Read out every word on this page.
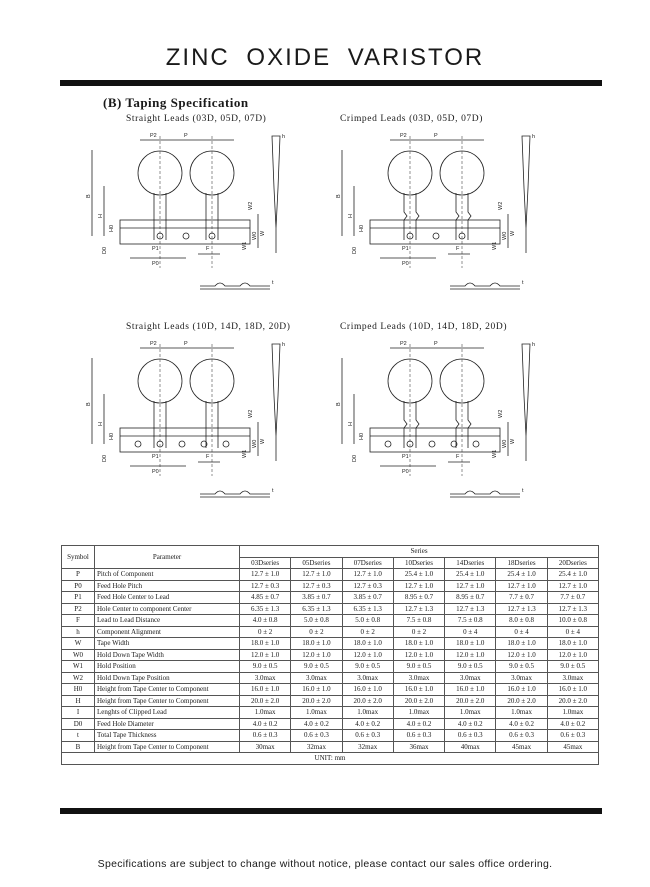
ZINC OXIDE VARISTOR
(B) Taping Specification
Straight Leads (03D, 05D, 07D)	Crimped Leads (03D, 05D, 07D)
Straight Leads (10D, 14D, 18D, 20D)	Crimped Leads (10D, 14D, 18D, 20D)
P2	P	h
B
H
H0
W2
W0
W1
W
P1
P0
D0	F
t
P2	P	h
B
H
H0
W2
W0
W1
W
P1
P0
D0	F
t
P2	P	h
B
H
H0
W2
W0
W1
W
P1
P0
D0	F
t
P2	P	h
B
H
H0
W2
W0
W1
W
P1
P0
D0	F
t
Symbol	Parameter	Series						
		03Dseries	05Dseries	07Dseries	10Dseries	14Dseries	18Dseries	20Dseries
P	Pitch of Component	12.7 ± 1.0	12.7 ± 1.0	12.7 ± 1.0	25.4 ± 1.0	25.4 ± 1.0	25.4 ± 1.0	25.4 ± 1.0
P0	Feed Hole Pitch	12.7 ± 0.3	12.7 ± 0.3	12.7 ± 0.3	12.7 ± 1.0	12.7 ± 1.0	12.7 ± 1.0	12.7 ± 1.0
P1	Feed Hole Center to Lead	4.85 ± 0.7	3.85 ± 0.7	3.85 ± 0.7	8.95 ± 0.7	8.95 ± 0.7	7.7 ± 0.7	7.7 ± 0.7
P2	Hole Center to component Center	6.35 ± 1.3	6.35 ± 1.3	6.35 ± 1.3	12.7 ± 1.3	12.7 ± 1.3	12.7 ± 1.3	12.7 ± 1.3
F	Lead to Lead Distance	4.0 ± 0.8	5.0 ± 0.8	5.0 ± 0.8	7.5 ± 0.8	7.5 ± 0.8	8.0 ± 0.8	10.0 ± 0.8
h	Component Alignment	0 ± 2	0 ± 2	0 ± 2	0 ± 2	0 ± 4	0 ± 4	0 ± 4
W	Tape Width	18.0 ± 1.0	18.0 ± 1.0	18.0 ± 1.0	18.0 ± 1.0	18.0 ± 1.0	18.0 ± 1.0	18.0 ± 1.0
W0	Hold Down Tape Width	12.0 ± 1.0	12.0 ± 1.0	12.0 ± 1.0	12.0 ± 1.0	12.0 ± 1.0	12.0 ± 1.0	12.0 ± 1.0
W1	Hold Position	9.0 ± 0.5	9.0 ± 0.5	9.0 ± 0.5	9.0 ± 0.5	9.0 ± 0.5	9.0 ± 0.5	9.0 ± 0.5
W2	Hold Down Tape Position	3.0max	3.0max	3.0max	3.0max	3.0max	3.0max	3.0max
H0	Height from Tape Center to Component	16.0 ± 1.0	16.0 ± 1.0	16.0 ± 1.0	16.0 ± 1.0	16.0 ± 1.0	16.0 ± 1.0	16.0 ± 1.0
H	Height from Tape Center to Component	20.0 ± 2.0	20.0 ± 2.0	20.0 ± 2.0	20.0 ± 2.0	20.0 ± 2.0	20.0 ± 2.0	20.0 ± 2.0
I	Lenghts of Clipped Lead	1.0max	1.0max	1.0max	1.0max	1.0max	1.0max	1.0max
D0	Feed Hole Diameter	4.0 ± 0.2	4.0 ± 0.2	4.0 ± 0.2	4.0 ± 0.2	4.0 ± 0.2	4.0 ± 0.2	4.0 ± 0.2
t	Total Tape Thickness	0.6 ± 0.3	0.6 ± 0.3	0.6 ± 0.3	0.6 ± 0.3	0.6 ± 0.3	0.6 ± 0.3	0.6 ± 0.3
B	Height from Tape Center to Component	30max	32max	32max	36max	40max	45max	45max
UNIT: mm								
Specifications are subject to change without notice, please contact our sales office ordering.
